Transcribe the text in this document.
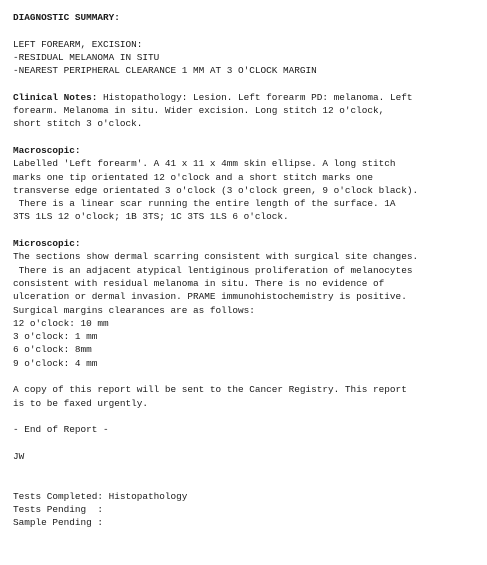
DIAGNOSTIC SUMMARY:
LEFT FOREARM, EXCISION:
-RESIDUAL MELANOMA IN SITU
-NEAREST PERIPHERAL CLEARANCE 1 MM AT 3 O'CLOCK MARGIN
Clinical Notes: Histopathology: Lesion. Left forearm PD: melanoma. Left
forearm. Melanoma in situ. Wider excision. Long stitch 12 o'clock,
short stitch 3 o'clock.
Macroscopic:
Labelled 'Left forearm'. A 41 x 11 x 4mm skin ellipse. A long stitch
marks one tip orientated 12 o'clock and a short stitch marks one
transverse edge orientated 3 o'clock (3 o'clock green, 9 o'clock black).
There is a linear scar running the entire length of the surface. 1A
3TS 1LS 12 o'clock; 1B 3TS; 1C 3TS 1LS 6 o'clock.
Microscopic:
The sections show dermal scarring consistent with surgical site changes.
There is an adjacent atypical lentiginous proliferation of melanocytes
consistent with residual melanoma in situ. There is no evidence of
ulceration or dermal invasion. PRAME immunohistochemistry is positive.
Surgical margins clearances are as follows:
12 o'clock: 10 mm
3 o'clock: 1 mm
6 o'clock: 8mm
9 o'clock: 4 mm
A copy of this report will be sent to the Cancer Registry. This report
is to be faxed urgently.
- End of Report -
JW
Tests Completed: Histopathology
Tests Pending  :
Sample Pending :
